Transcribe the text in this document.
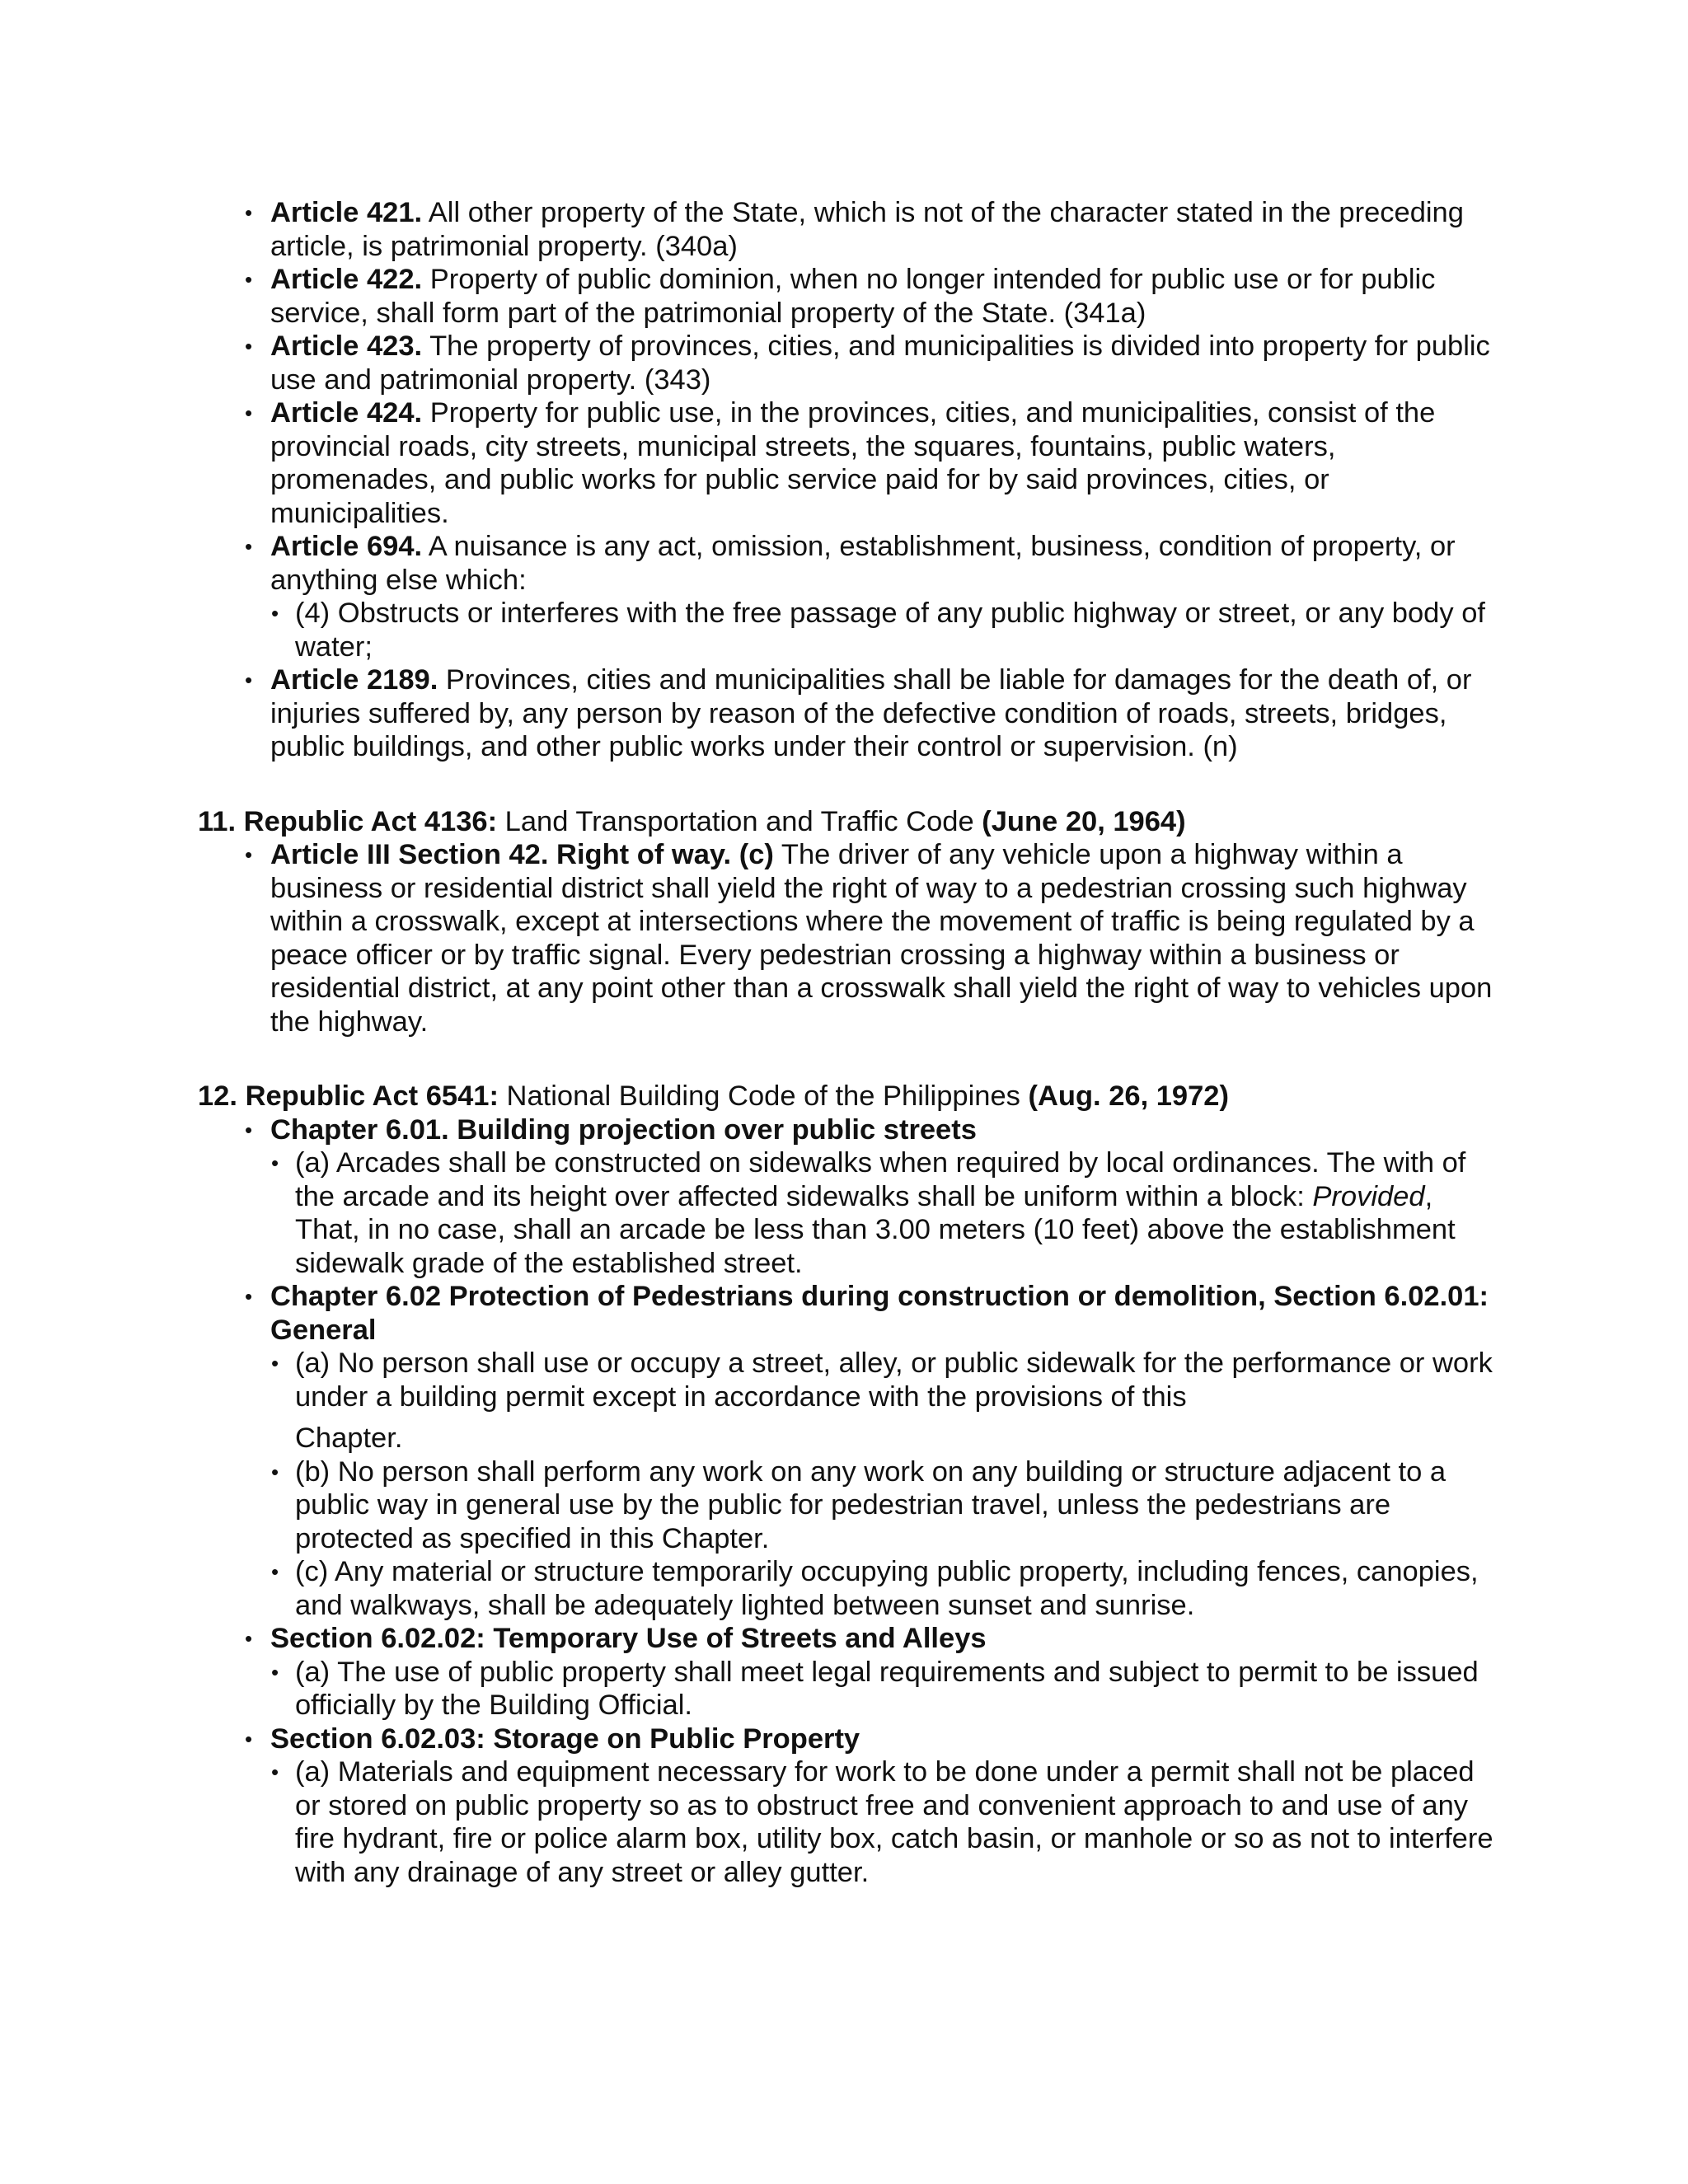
• Article 421. All other property of the State, which is not of the character stated in the preceding article, is patrimonial property. (340a)
• Article 422. Property of public dominion, when no longer intended for public use or for public service, shall form part of the patrimonial property of the State. (341a)
• Article 423. The property of provinces, cities, and municipalities is divided into property for public use and patrimonial property. (343)
• Article 424. Property for public use, in the provinces, cities, and municipalities, consist of the provincial roads, city streets, municipal streets, the squares, fountains, public waters, promenades, and public works for public service paid for by said provinces, cities, or municipalities.
• Article 694. A nuisance is any act, omission, establishment, business, condition of property, or anything else which:
• (4) Obstructs or interferes with the free passage of any public highway or street, or any body of water;
• Article 2189. Provinces, cities and municipalities shall be liable for damages for the death of, or injuries suffered by, any person by reason of the defective condition of roads, streets, bridges, public buildings, and other public works under their control or supervision. (n)
11. Republic Act 4136: Land Transportation and Traffic Code (June 20, 1964)
• Article III Section 42. Right of way. (c) The driver of any vehicle upon a highway within a business or residential district shall yield the right of way to a pedestrian crossing such highway within a crosswalk, except at intersections where the movement of traffic is being regulated by a peace officer or by traffic signal. Every pedestrian crossing a highway within a business or residential district, at any point other than a crosswalk shall yield the right of way to vehicles upon the highway.
12. Republic Act 6541: National Building Code of the Philippines (Aug. 26, 1972)
• Chapter 6.01. Building projection over public streets
• (a) Arcades shall be constructed on sidewalks when required by local ordinances. The with of the arcade and its height over affected sidewalks shall be uniform within a block: Provided, That, in no case, shall an arcade be less than 3.00 meters (10 feet) above the establishment sidewalk grade of the established street.
• Chapter 6.02 Protection of Pedestrians during construction or demolition, Section 6.02.01: General
• (a) No person shall use or occupy a street, alley, or public sidewalk for the performance or work under a building permit except in accordance with the provisions of this
Chapter.
• (b) No person shall perform any work on any work on any building or structure adjacent to a public way in general use by the public for pedestrian travel, unless the pedestrians are protected as specified in this Chapter.
• (c) Any material or structure temporarily occupying public property, including fences, canopies, and walkways, shall be adequately lighted between sunset and sunrise.
• Section 6.02.02: Temporary Use of Streets and Alleys
• (a) The use of public property shall meet legal requirements and subject to permit to be issued officially by the Building Official.
• Section 6.02.03: Storage on Public Property
• (a) Materials and equipment necessary for work to be done under a permit shall not be placed or stored on public property so as to obstruct free and convenient approach to and use of any fire hydrant, fire or police alarm box, utility box, catch basin, or manhole or so as not to interfere with any drainage of any street or alley gutter.
